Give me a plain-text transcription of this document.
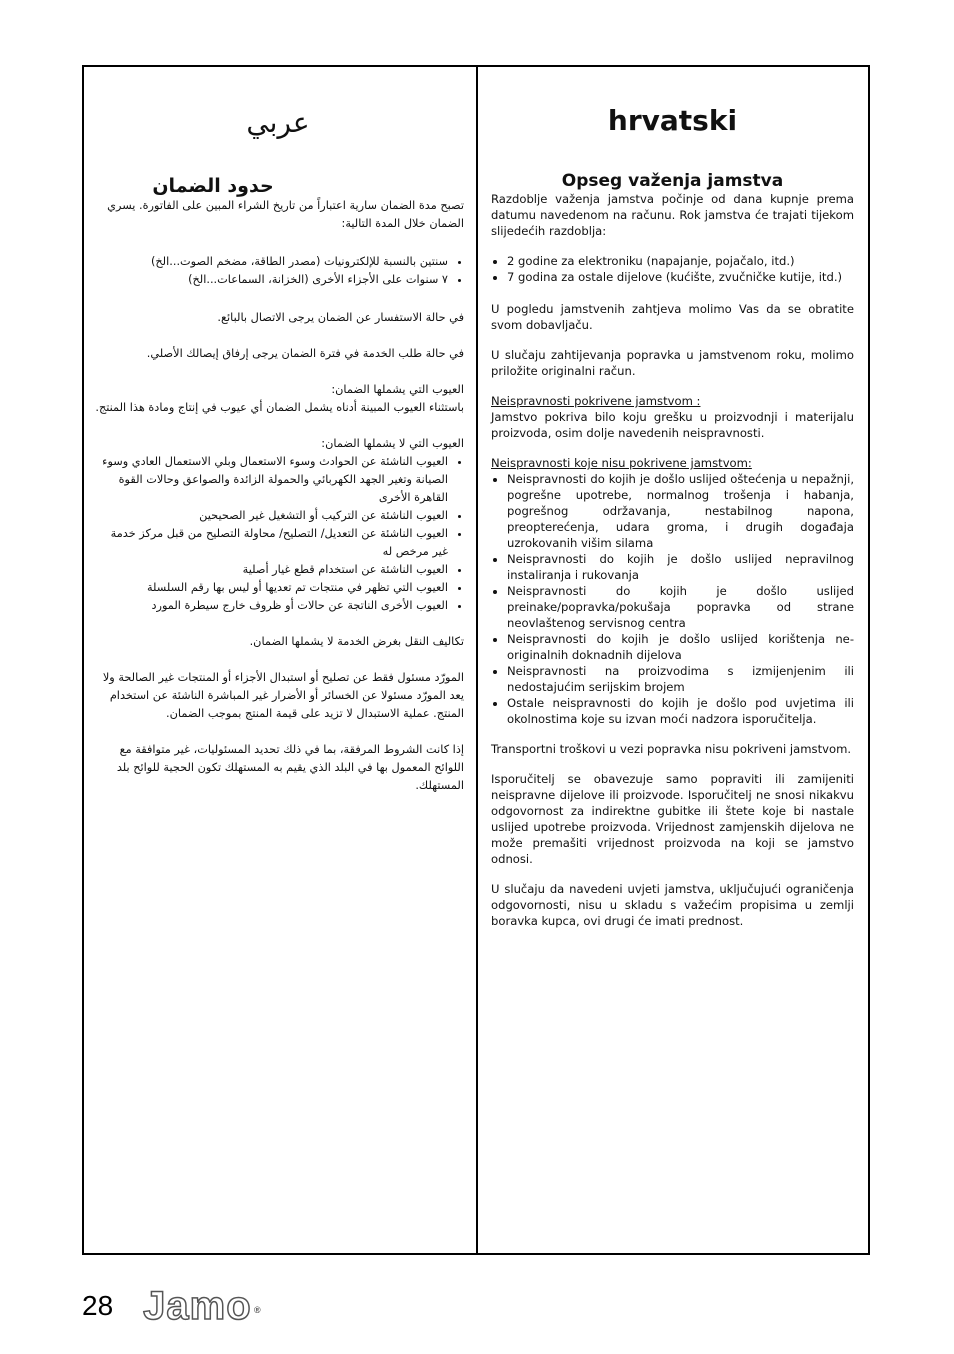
عربي
حدود الضمان

تصبح مدة الضمان سارية اعتباراً من تاريخ الشراء المبين على الفاتورة. يسري الضمان خلال المدة التالية:

• سنتين بالنسبة للإلكترونيات (مصدر الطاقة، مضخم الصوت...الخ)
• ٧ سنوات على الأجزاء الأخرى (الخزانة، السماعات...الخ)

في حالة الاستفسار عن الضمان يرجى الاتصال بالبائع.

في حالة طلب الخدمة في فترة الضمان يرجى إرفاق إيصالك الأصلي.

العيوب التي يشملها الضمان:

باستثناء العيوب المبينة أدناه يشمل الضمان أي عيوب في إنتاج ومادة هذا المنتج.

العيوب التي لا يشملها الضمان:
• العيوب الناشئة عن الحوادث وسوء الاستعمال وبلي الاستعمال العادي وسوء الصيانة وتغير الجهد الكهربائي والحمولة الزائدة والصواعق وحالات القوة القاهرة الأخرى
• العيوب الناشئة عن التركيب أو التشغيل غير الصحيحين
• العيوب الناشئة عن التعديل/ التصليح/ محاولة التصليح من قبل مركز خدمة غير مرخص له
• العيوب الناشئة عن استخدام قطع غيار أصلية
• العيوب التي تظهر في منتجات تم تعديها أو ليس بها رقم السلسلة
• العيوب الأخرى الناتجة عن حالات أو ظروف خارج سيطرة المورد

تكاليف النقل بغرض الخدمة لا يشملها الضمان.

المورّد مسئول فقط عن تصليح أو استبدال الأجزاء أو المنتجات غير الصالحة ولا يعد المورّد مسئولا عن الخسائر أو الأضرار غير المباشرة الناشئة عن استخدام المنتج. عملية الاستبدال لا تزيد على قيمة المنتج بموجب الضمان.

إذا كانت الشروط المرفقة، بما في ذلك تحديد المسئوليات، غير متوافقة مع اللوائح المعمول بها في البلد الذي يقيم به المستهلك تكون الحجية للوائح بلد المستهلك.

hrvatski
Opseg važenja jamstva

Razdoblje važenja jamstva počinje od dana kupnje prema datumu navedenom na računu. Rok jamstva će trajati tijekom slijedećih razdoblja:

• 2 godine za elektroniku (napajanje, pojačalo, itd.)
• 7 godina za ostale dijelove (kućište, zvučničke kutije, itd.)

U pogledu jamstvenih zahtjeva molimo Vas da se obratite svom dobavljaču.

U slučaju zahtijevanja popravka u jamstvenom roku, molimo priložite originalni račun.

Neispravnosti pokrivene jamstvom :

Jamstvo pokriva bilo koju grešku u proizvodnji i materijalu proizvoda, osim dolje navedenih neispravnosti.

Neispravnosti koje nisu pokrivene jamstvom:
• Neispravnosti do kojih je došlo uslijed oštećenja u nepažnji, pogrešne upotrebe, normalnog trošenja i habanja, pogrešnog održavanja, nestabilnog napona, preopterećenja, udara groma, i drugih događaja uzrokovanih višim silama
• Neispravnosti do kojih je došlo uslijed nepravilnog instaliranja i rukovanja
• Neispravnosti do kojih je došlo uslijed preinake/popravka/pokušaja popravka od strane neovlaštenog servisnog centra
• Neispravnosti do kojih je došlo uslijed korištenja ne-originalnih doknadnih dijelova
• Neispravnosti na proizvodima s izmijenjenim ili nedostajućim serijskim brojem
• Ostale neispravnosti do kojih je došlo pod uvjetima ili okolnostima koje su izvan moći nadzora isporučitelja.

Transportni troškovi u vezi popravka nisu pokriveni jamstvom.

Isporučitelj se obavezuje samo popraviti ili zamijeniti neispravne dijelove ili proizvode. Isporučitelj ne snosi nikakvu odgovornost za indirektne gubitke ili štete koje bi nastale uslijed upotrebe proizvoda. Vrijednost zamjenskih dijelova ne može premašiti vrijednost proizvoda na koji se jamstvo odnosi.

U slučaju da navedeni uvjeti jamstva, uključujući ograničenja odgovornosti, nisu u skladu s važećim propisima u zemlji boravka kupca, ovi drugi će imati prednost.

28 Jamo ®
